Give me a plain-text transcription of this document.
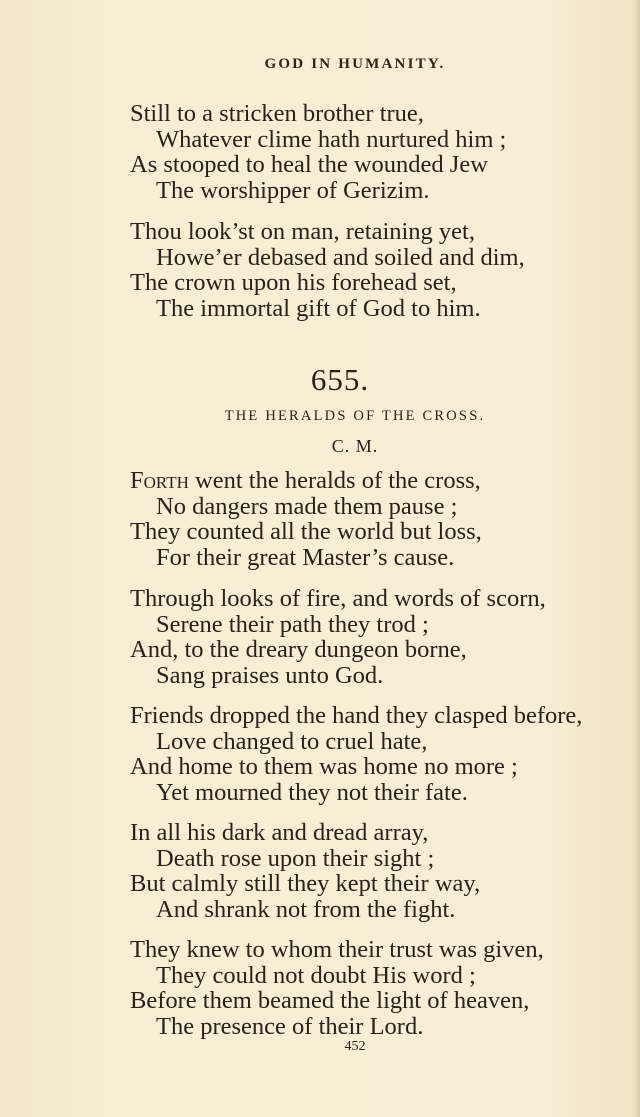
GOD IN HUMANITY.
Still to a stricken brother true,
Whatever clime hath nurtured him ;
As stooped to heal the wounded Jew
The worshipper of Gerizim.
Thou look’st on man, retaining yet,
Howe’er debased and soiled and dim,
The crown upon his forehead set,
The immortal gift of God to him.
655.
THE HERALDS OF THE CROSS.
C. M.
Forth went the heralds of the cross,
No dangers made them pause ;
They counted all the world but loss,
For their great Master’s cause.
Through looks of fire, and words of scorn,
Serene their path they trod ;
And, to the dreary dungeon borne,
Sang praises unto God.
Friends dropped the hand they clasped before,
Love changed to cruel hate,
And home to them was home no more ;
Yet mourned they not their fate.
In all his dark and dread array,
Death rose upon their sight ;
But calmly still they kept their way,
And shrank not from the fight.
They knew to whom their trust was given,
They could not doubt His word ;
Before them beamed the light of heaven,
The presence of their Lord.
452
